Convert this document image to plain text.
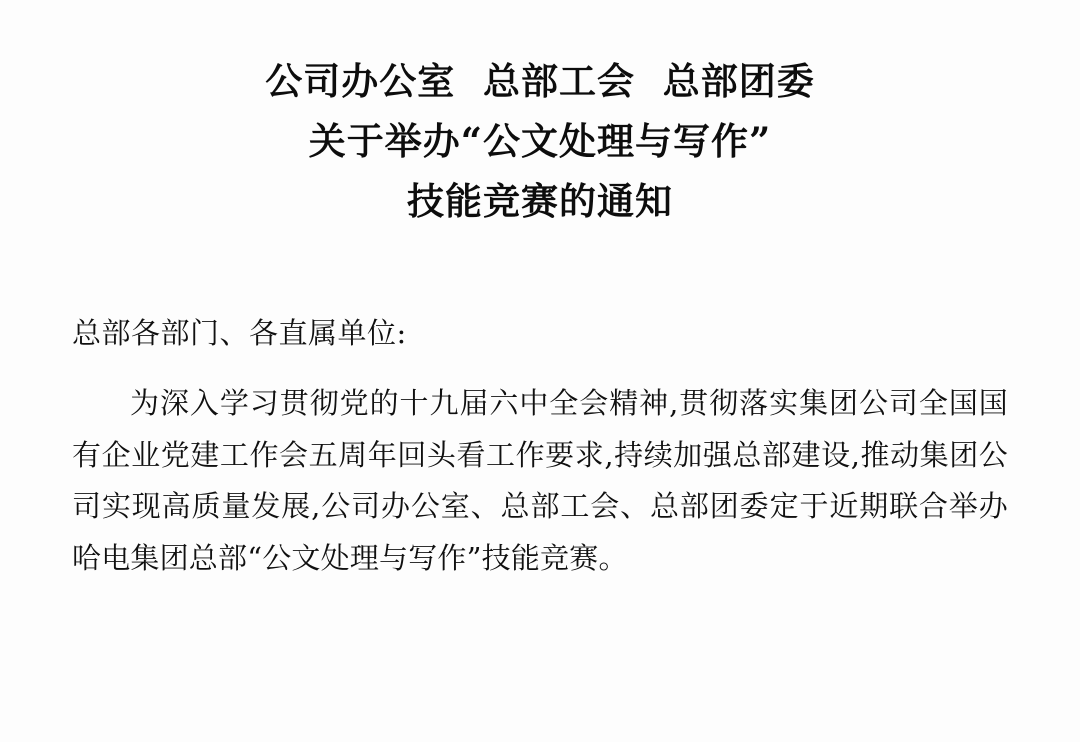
公司办公室  总部工会  总部团委
关于举办“公文处理与写作”
技能竞赛的通知
总部各部门、各直属单位:

为深入学习贯彻党的十九届六中全会精神,贯彻落实集团公司全国国有企业党建工作会五周年回头看工作要求,持续加强总部建设,推动集团公司实现高质量发展,公司办公室、总部工会、总部团委定于近期联合举办哈电集团总部“公文处理与写作”技能竞赛。
